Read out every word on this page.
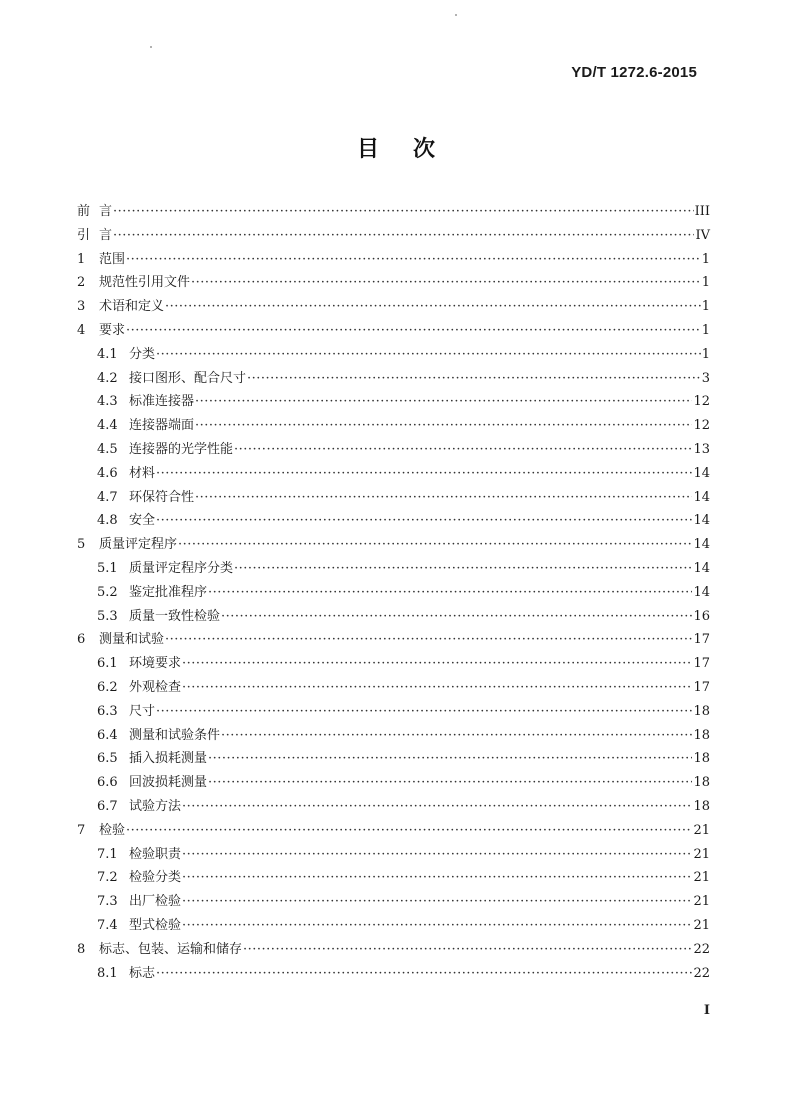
YD/T 1272.6-2015
目 次
前 言 ·····	III
引 言 ·····	IV
1	范围 ·····	1
2	规范性引用文件 ·····	1
3	术语和定义 ·····	1
4	要求 ·····	1
4.1 分类 ·····	1
4.2 接口图形、配合尺寸 ·····	3
4.3 标准连接器 ·····	12
4.4 连接器端面 ·····	12
4.5 连接器的光学性能 ·····	13
4.6 材料 ·····	14
4.7 环保符合性 ·····	14
4.8 安全 ·····	14
5	质量评定程序 ·····	14
5.1 质量评定程序分类 ·····	14
5.2 鉴定批准程序 ·····	14
5.3 质量一致性检验 ·····	16
6	测量和试验 ·····	17
6.1 环境要求 ·····	17
6.2 外观检查 ·····	17
6.3 尺寸 ·····	18
6.4 测量和试验条件 ·····	18
6.5 插入损耗测量 ·····	18
6.6 回波损耗测量 ·····	18
6.7 试验方法 ·····	18
7	检验 ·····	21
7.1 检验职责 ·····	21
7.2 检验分类 ·····	21
7.3 出厂检验 ·····	21
7.4 型式检验 ·····	21
8	标志、包装、运输和储存 ·····	22
8.1 标志 ·····	22
I
